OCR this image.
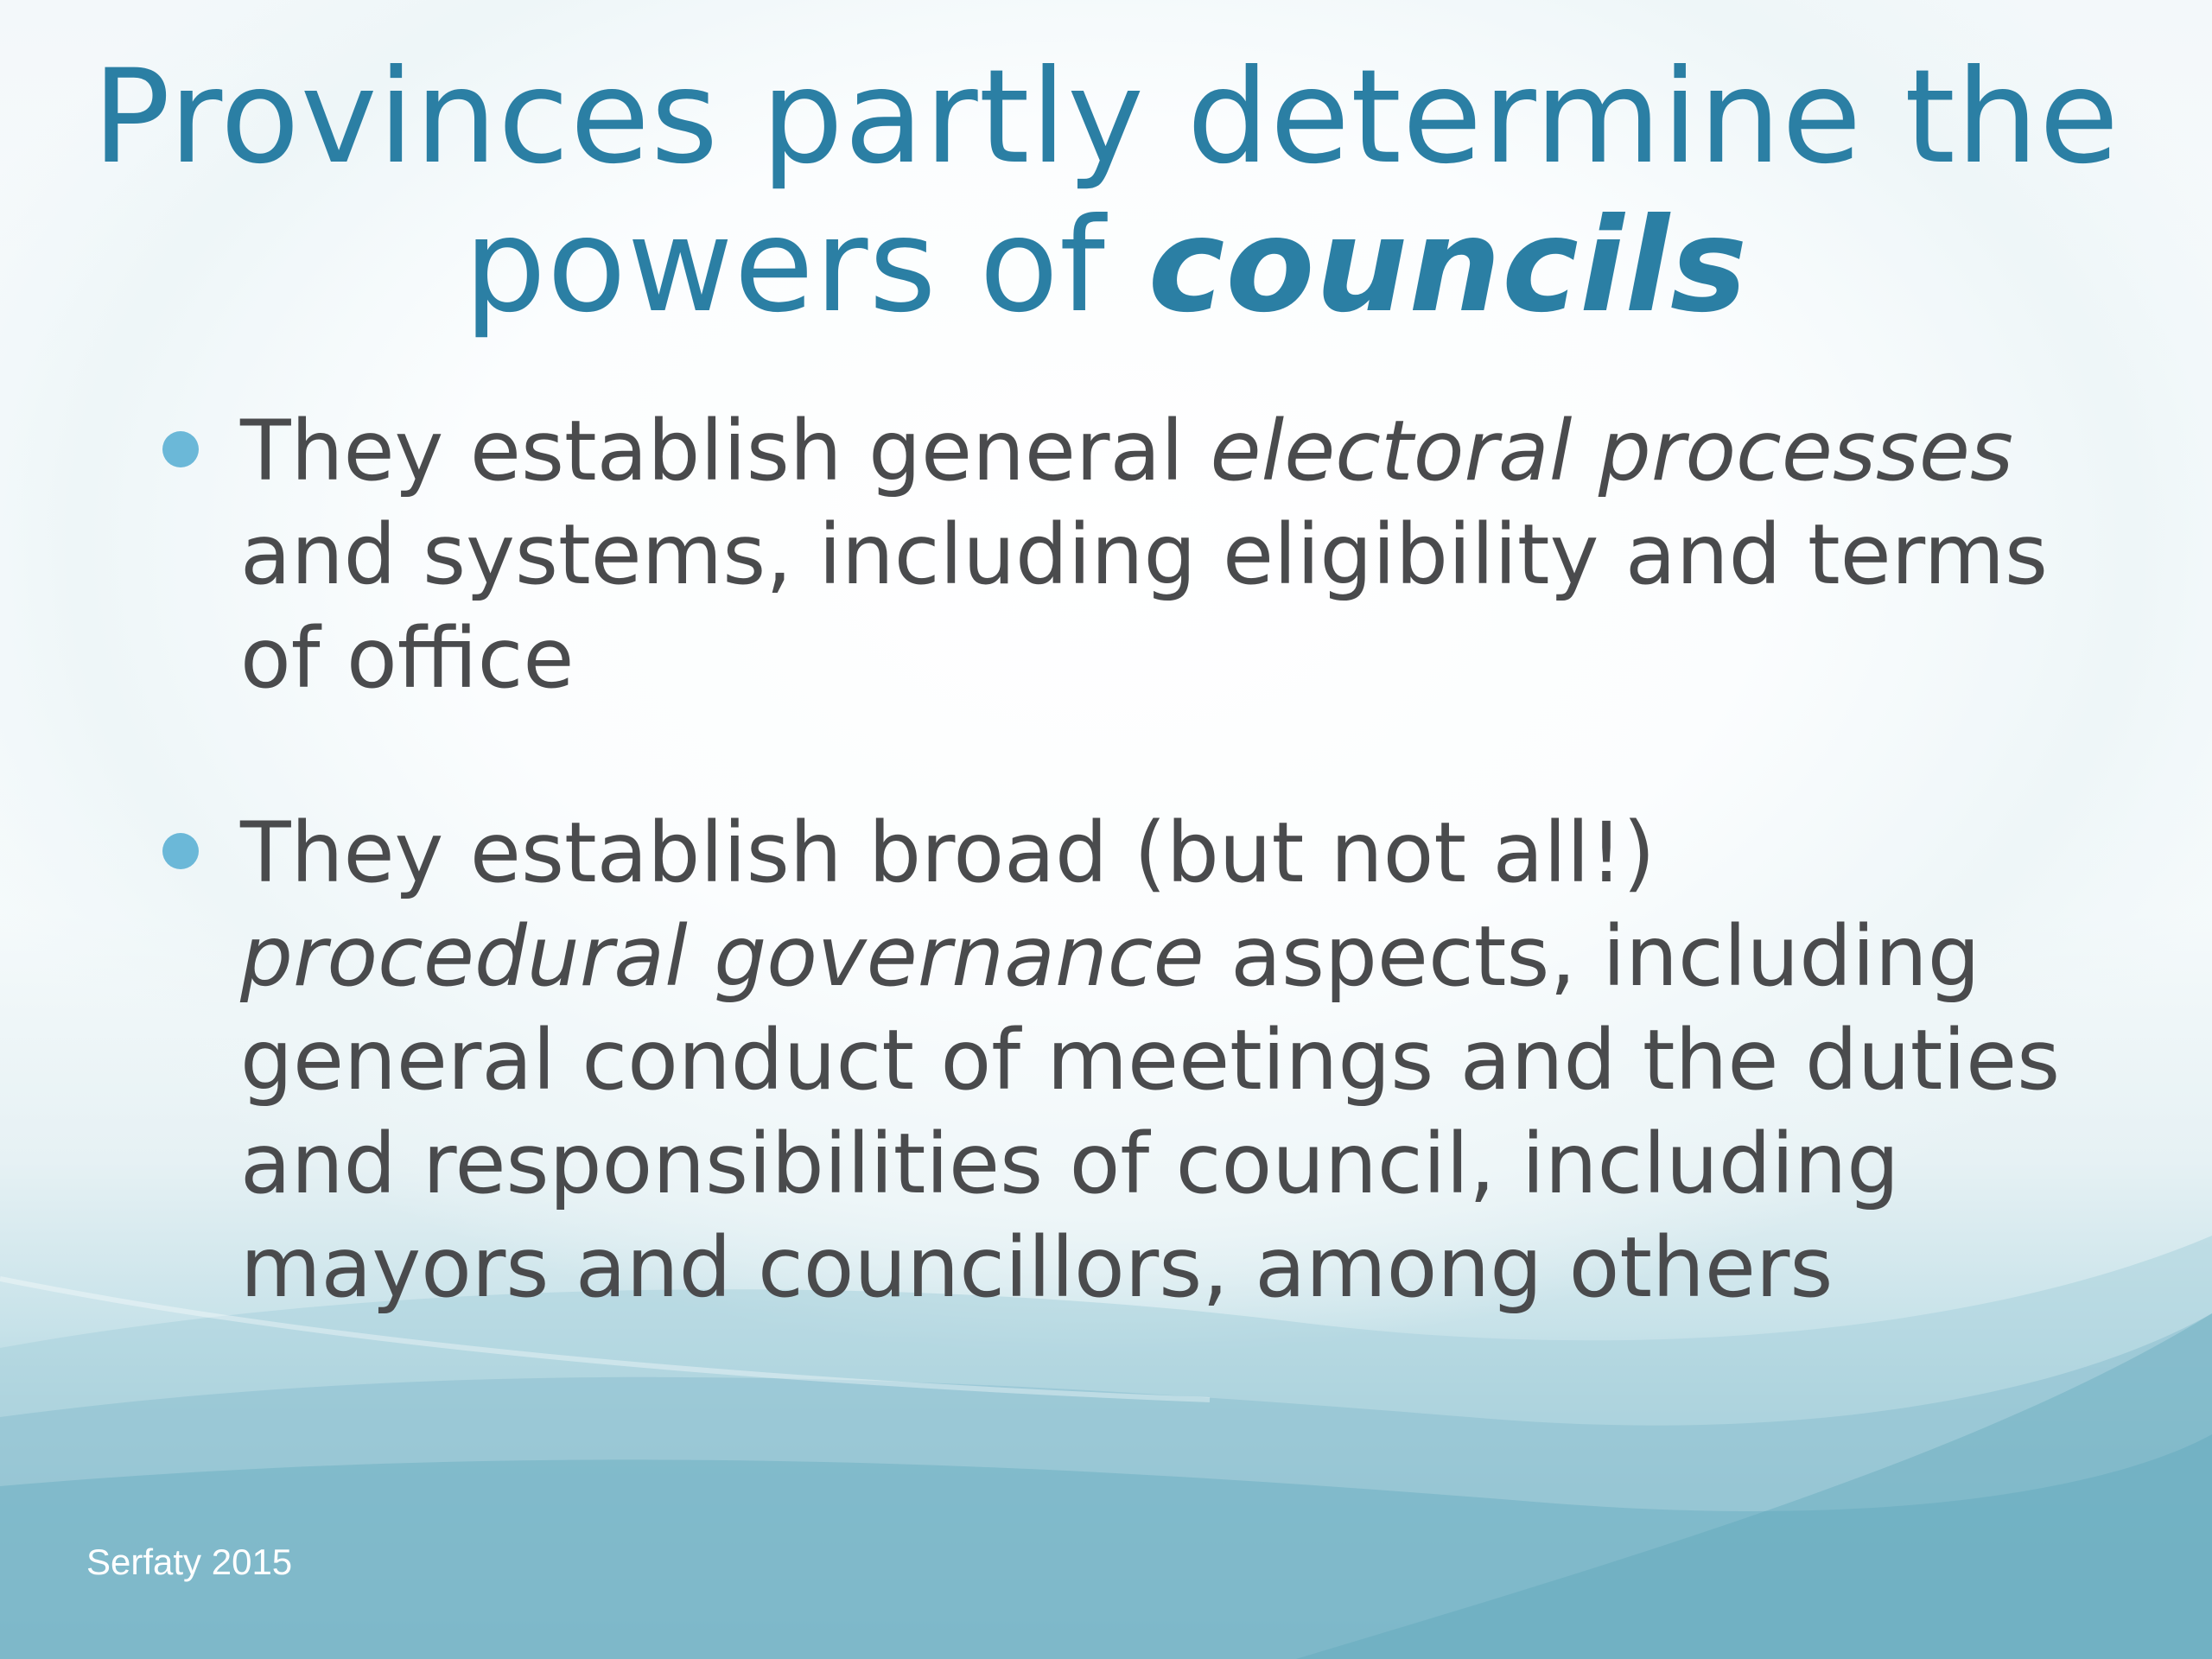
Provinces partly determine the
powers of councils
They establish general electoral processes
and systems, including eligibility and terms
of office
They establish broad (but not all!)
procedural governance aspects, including
general conduct of meetings and the duties
and responsibilities of council, including
mayors and councillors, among others
Serfaty 2015
